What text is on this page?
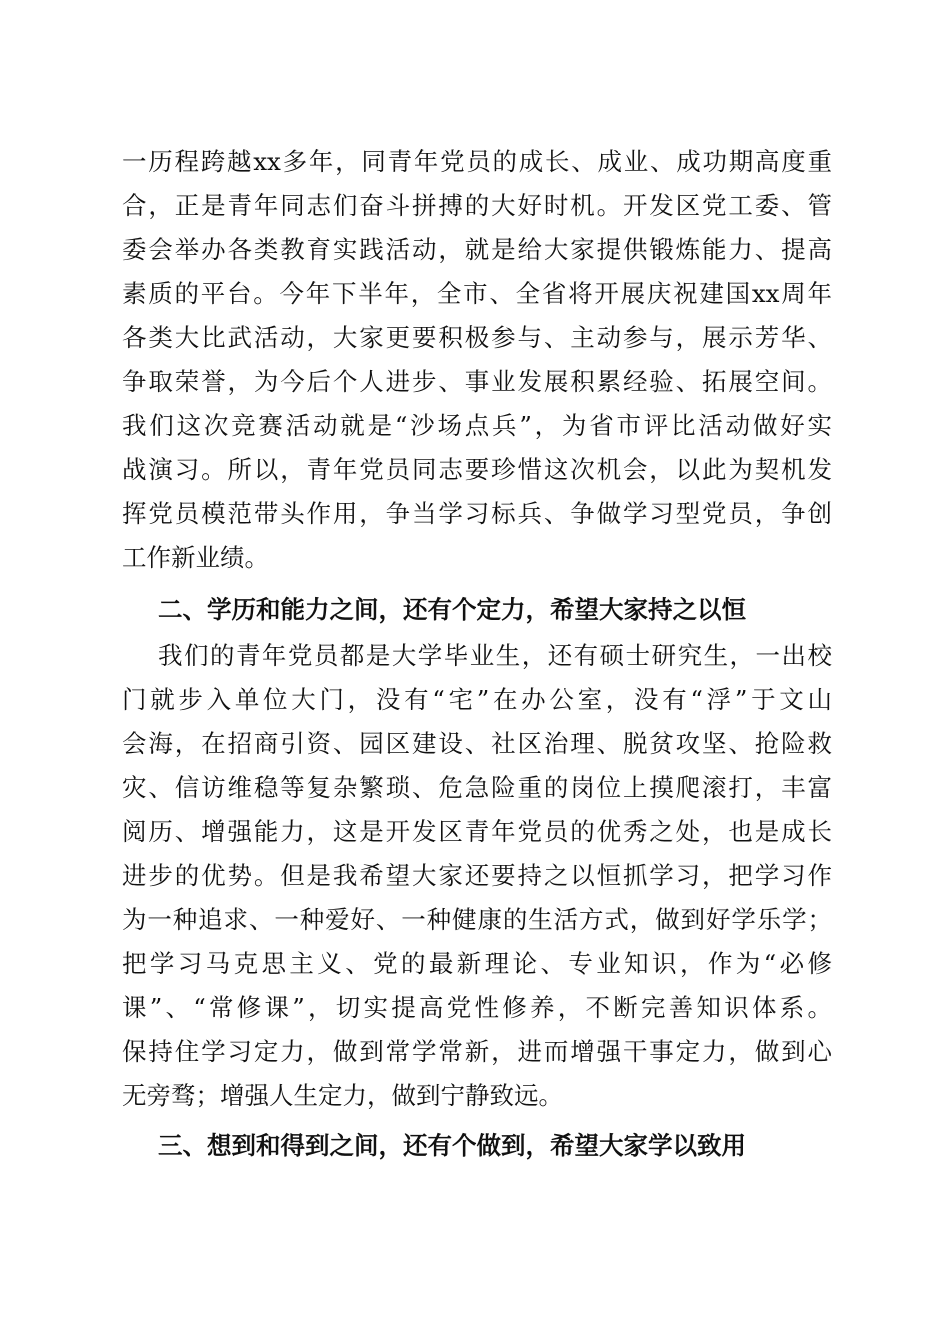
一历程跨越xx多年，同青年党员的成长、成业、成功期高度重
合，正是青年同志们奋斗拼搏的大好时机。开发区党工委、管
委会举办各类教育实践活动，就是给大家提供锻炼能力、提高
素质的平台。今年下半年，全市、全省将开展庆祝建国xx周年
各类大比武活动，大家更要积极参与、主动参与，展示芳华、
争取荣誉，为今后个人进步、事业发展积累经验、拓展空间。
我们这次竞赛活动就是“沙场点兵”，为省市评比活动做好实
战演习。所以，青年党员同志要珍惜这次机会，以此为契机发
挥党员模范带头作用，争当学习标兵、争做学习型党员，争创
工作新业绩。
二、学历和能力之间，还有个定力，希望大家持之以恒
我们的青年党员都是大学毕业生，还有硕士研究生，一出校
门就步入单位大门，没有“宅”在办公室，没有“浮”于文山
会海，在招商引资、园区建设、社区治理、脱贫攻坚、抢险救
灾、信访维稳等复杂繁琐、危急险重的岗位上摸爬滚打，丰富
阅历、增强能力，这是开发区青年党员的优秀之处，也是成长
进步的优势。但是我希望大家还要持之以恒抓学习，把学习作
为一种追求、一种爱好、一种健康的生活方式，做到好学乐学；
把学习马克思主义、党的最新理论、专业知识，作为“必修
课”、“常修课”，切实提高党性修养，不断完善知识体系。
保持住学习定力，做到常学常新，进而增强干事定力，做到心
无旁骛；增强人生定力，做到宁静致远。
三、想到和得到之间，还有个做到，希望大家学以致用
